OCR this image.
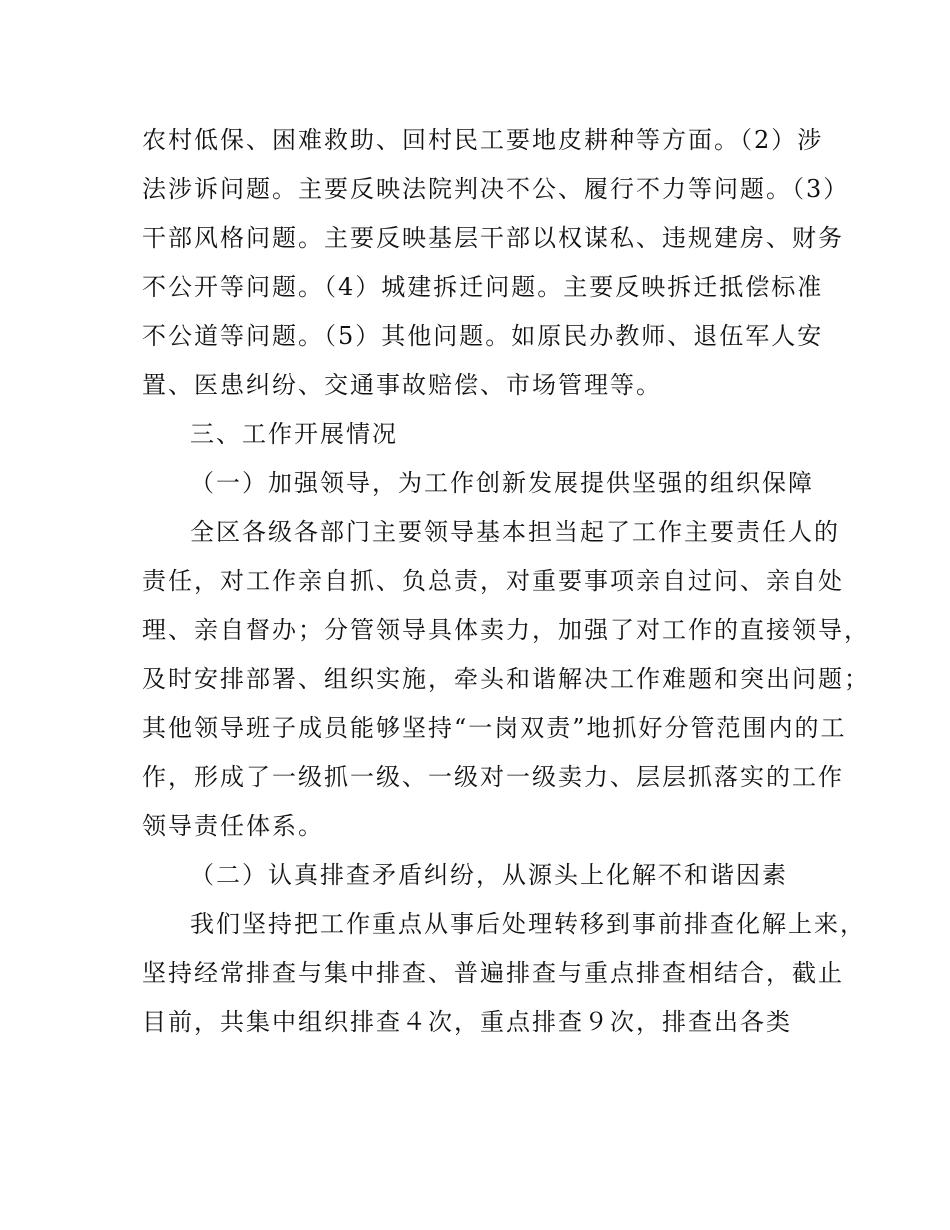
农村低保、困难救助、回村民工要地皮耕种等方面。（2）涉
法涉诉问题。主要反映法院判决不公、履行不力等问题。（3）
干部风格问题。主要反映基层干部以权谋私、违规建房、财务
不公开等问题。（4）城建拆迁问题。主要反映拆迁抵偿标准
不公道等问题。（5）其他问题。如原民办教师、退伍军人安
置、医患纠纷、交通事故赔偿、市场管理等。
三、工作开展情况
（一）加强领导，为工作创新发展提供坚强的组织保障
全区各级各部门主要领导基本担当起了工作主要责任人的
责任，对工作亲自抓、负总责，对重要事项亲自过问、亲自处
理、亲自督办；分管领导具体卖力，加强了对工作的直接领导，
及时安排部署、组织实施，牵头和谐解决工作难题和突出问题；
其他领导班子成员能够坚持“一岗双责”地抓好分管范围内的工
作，形成了一级抓一级、一级对一级卖力、层层抓落实的工作
领导责任体系。
（二）认真排查矛盾纠纷，从源头上化解不和谐因素
我们坚持把工作重点从事后处理转移到事前排查化解上来，
坚持经常排查与集中排查、普遍排查与重点排查相结合，截止
目前，共集中组织排查４次，重点排查９次，排查出各类
